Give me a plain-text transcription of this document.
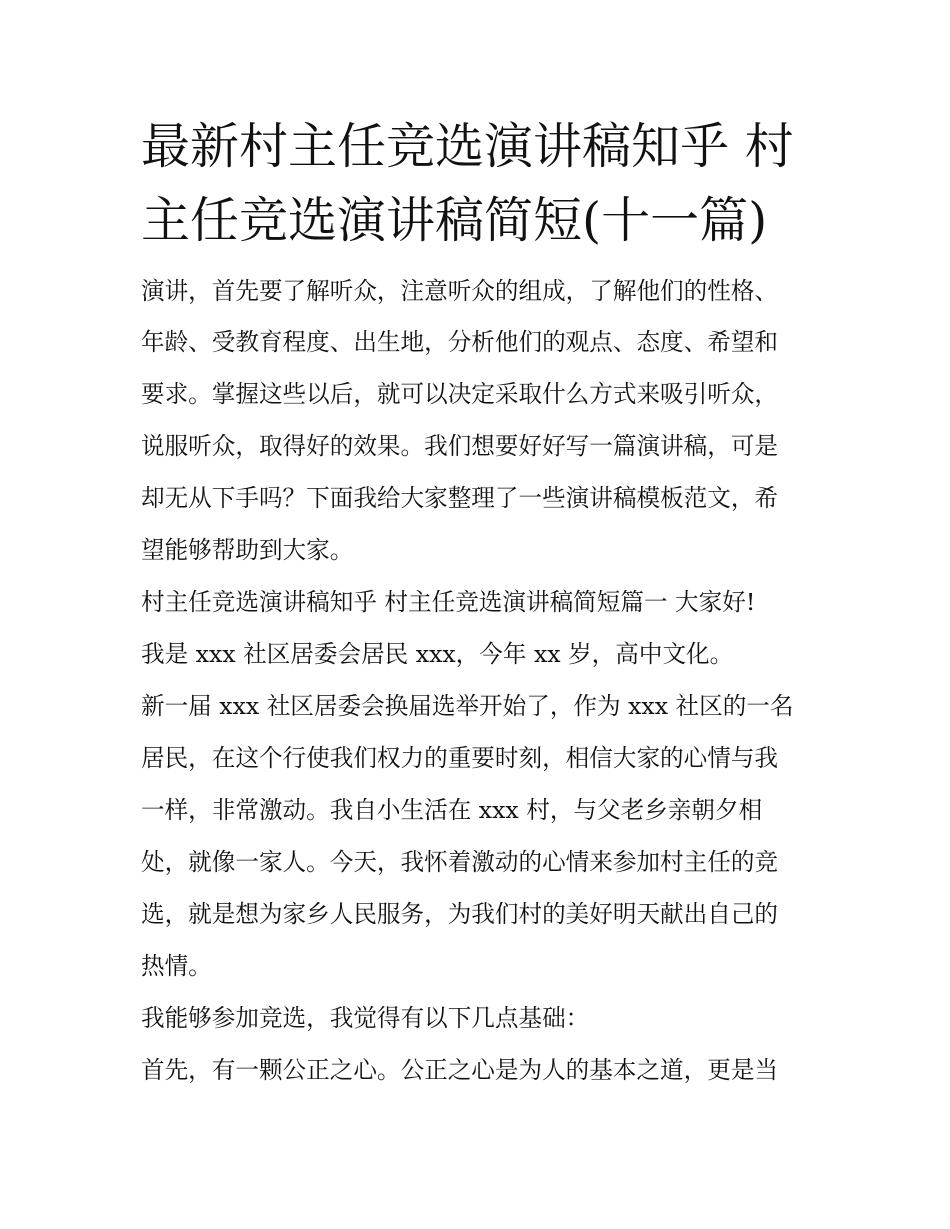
最新村主任竞选演讲稿知乎 村
主任竞选演讲稿简短(十一篇)
演讲，首先要了解听众，注意听众的组成，了解他们的性格、
年龄、受教育程度、出生地，分析他们的观点、态度、希望和
要求。掌握这些以后，就可以决定采取什么方式来吸引听众，
说服听众，取得好的效果。我们想要好好写一篇演讲稿，可是
却无从下手吗？下面我给大家整理了一些演讲稿模板范文，希
望能够帮助到大家。
村主任竞选演讲稿知乎 村主任竞选演讲稿简短篇一 大家好!
我是 xxx 社区居委会居民 xxx，今年 xx 岁，高中文化。
新一届 xxx 社区居委会换届选举开始了，作为 xxx 社区的一名
居民，在这个行使我们权力的重要时刻，相信大家的心情与我
一样，非常激动。我自小生活在 xxx 村，与父老乡亲朝夕相
处，就像一家人。今天，我怀着激动的心情来参加村主任的竞
选，就是想为家乡人民服务，为我们村的美好明天献出自己的
热情。
我能够参加竞选，我觉得有以下几点基础：
首先，有一颗公正之心。公正之心是为人的基本之道，更是当
